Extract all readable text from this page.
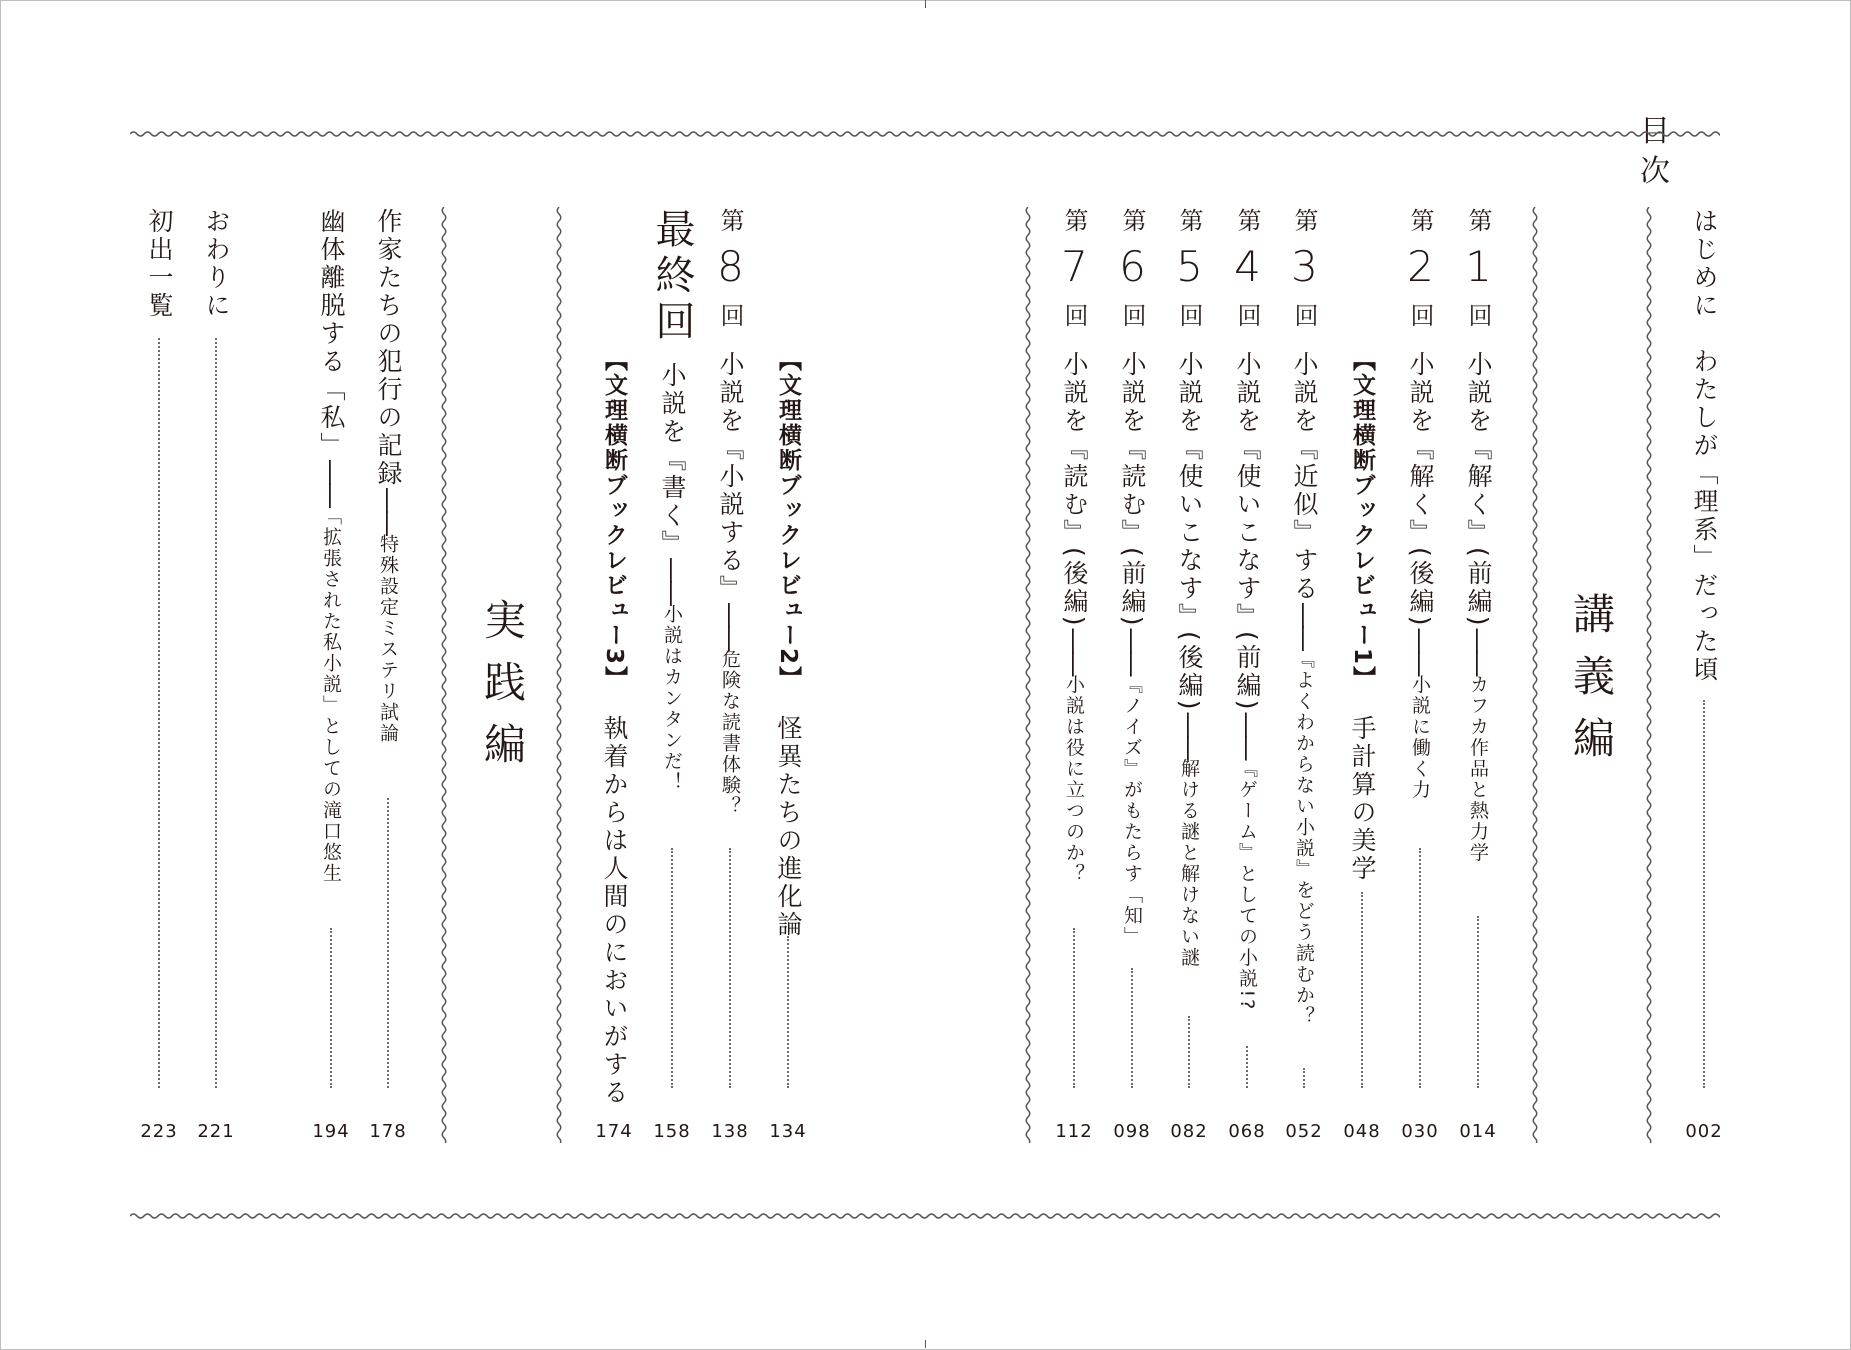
目 次
講義編
実践編
はじめに　わたしが「理系」だった頃
002
第1回小説を『解く』(前編)――カフカ作品と熱力学
014
第2回小説を『解く』(後編)――小説に働く力
030
【文理横断ブックレビュー1】手計算の美学
048
第3回小説を『近似』する――『よくわからない小説』をどう読むか？
052
第4回小説を『使いこなす』(前編)――『ゲーム』としての小説!?
068
第5回小説を『使いこなす』(後編)――解ける謎と解けない謎
082
第6回小説を『読む』(前編)――『ノイズ』がもたらす「知」
098
第7回小説を『読む』(後編)――小説は役に立つのか？
112
第8回小説を『小説する』――危険な読書体験？
138
【文理横断ブックレビュー2】怪異たちの進化論
134
最終回小説を『書く』――小説はカンタンだ！
158
【文理横断ブックレビュー3】執着からは人間のにおいがする
174
作家たちの犯行の記録――特殊設定ミステリ試論
178
幽体離脱する「私」――「拡張された私小説」としての滝口悠生
194
おわりに
221
初出一覧
223
